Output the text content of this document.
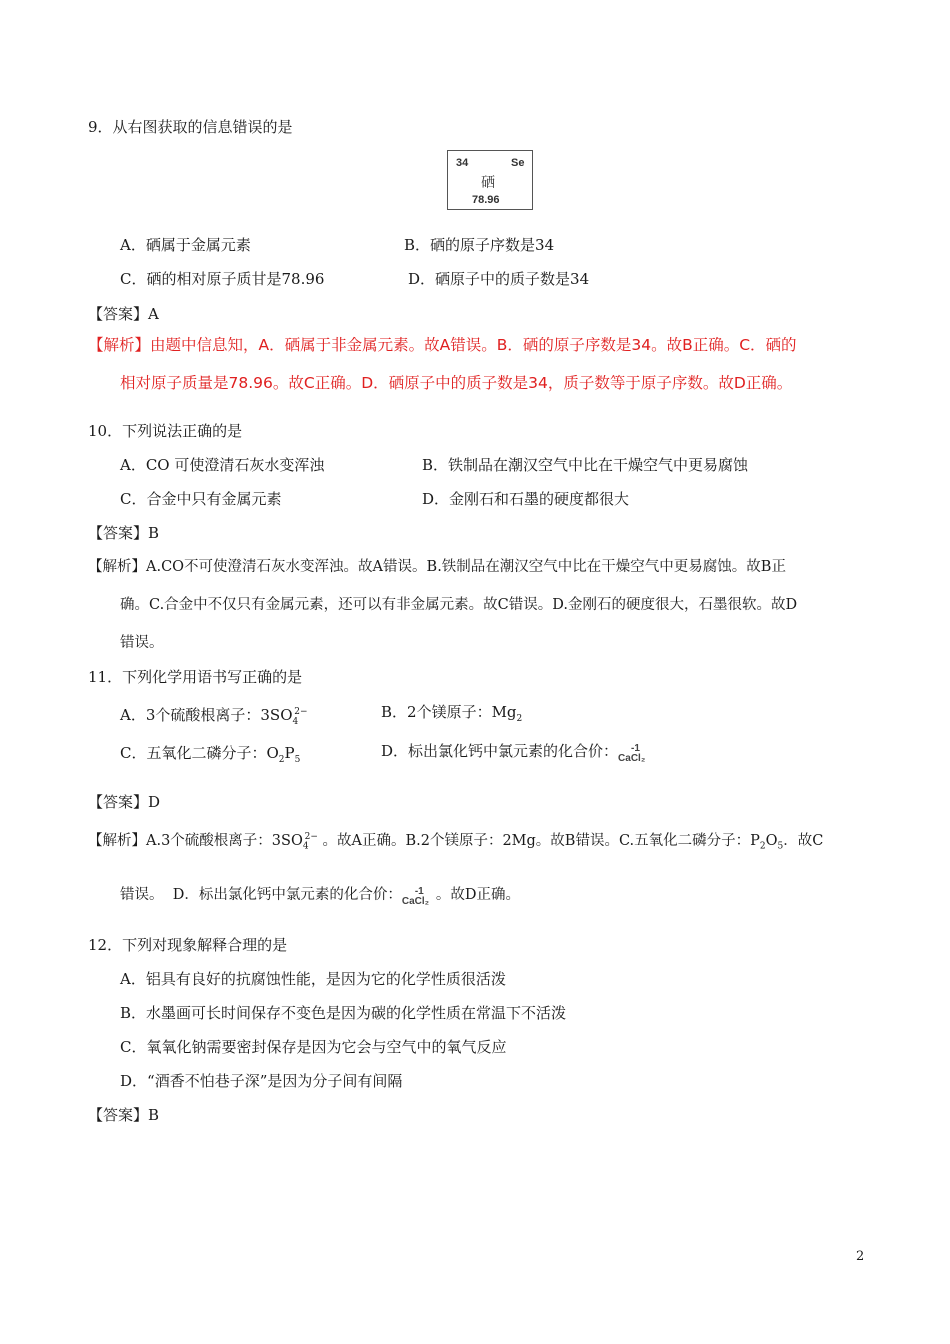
9．从右图获取的信息错误的是
34	Se
硒
78.96
A．硒属于金属元素	B．硒的原子序数是34
C．硒的相对原子质甘是78.96	D．硒原子中的质子数是34
【答案】A
【解析】由题中信息知，A．硒属于非金属元素。故A错误。B．硒的原子序数是34。故B正确。C．硒的
相对原子质量是78.96。故C正确。D．硒原子中的质子数是34，质子数等于原子序数。故D正确。
10．下列说法正确的是
A．CO 可使澄清石灰水变浑浊	B．铁制品在潮汉空气中比在干燥空气中更易腐蚀
C．合金中只有金属元素	D．金刚石和石墨的硬度都很大
【答案】B
【解析】A.CO不可使澄清石灰水变浑浊。故A错误。B.铁制品在潮汉空气中比在干燥空气中更易腐蚀。故B正
确。C.合金中不仅只有金属元素，还可以有非金属元素。故C错误。D.金刚石的硬度很大，石墨很软。故D
错误。
11．下列化学用语书写正确的是
A．3个硫酸根离子：$3SO_4^{2-}$	B．2个镁原子：$Mg_2$
C．五氧化二磷分子：$O_2P_5$	D．标出氯化钙中氯元素的化合价： -1
CaCl₂
【答案】D
【解析】A.3个硫酸根离子：$3SO_4^{2-}$ 。故A正确。B.2个镁原子：2Mg。故B错误。C.五氧化二磷分子：$P_2O_5$．故C
错误。  D．标出氯化钙中氯元素的化合价： -1
CaCl₂ 。故D正确。
12．下列对现象解释合理的是
A．铝具有良好的抗腐蚀性能，是因为它的化学性质很活泼
B．水墨画可长时间保存不变色是因为碳的化学性质在常温下不活泼
C．氧氧化钠需要密封保存是因为它会与空气中的氧气反应
D．“酒香不怕巷子深”是因为分子间有间隔
【答案】B
2
